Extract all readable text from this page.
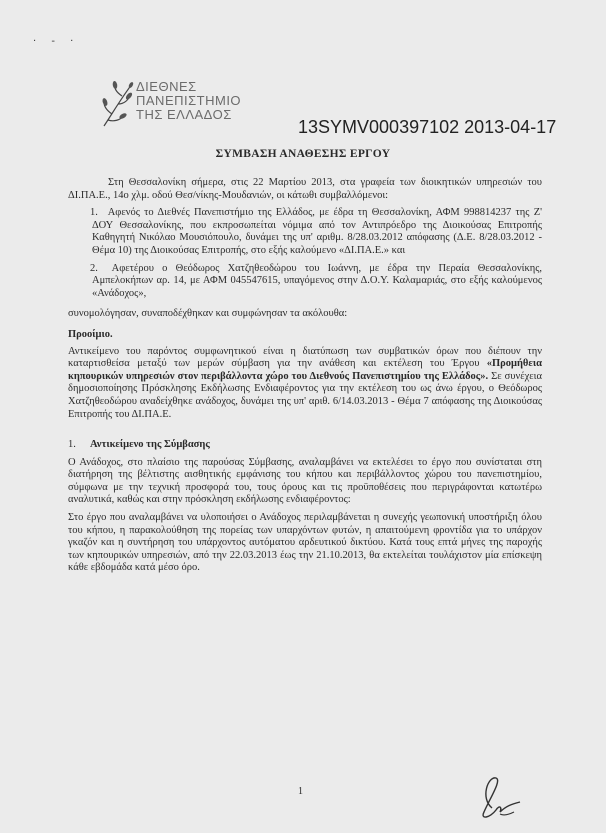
· - ·
ΔΙΕΘΝΕΣ
ΠΑΝΕΠΙΣΤΗΜΙΟ
ΤΗΣ ΕΛΛΑΔΟΣ
13SYMV000397102 2013-04-17
ΣΥΜΒΑΣΗ ΑΝΑΘΕΣΗΣ ΕΡΓΟΥ

Στη Θεσσαλονίκη σήμερα, στις 22 Μαρτίου 2013, στα γραφεία των διοικητικών υπηρεσιών του ΔΙ.ΠΑ.Ε., 14ο χλμ. οδού Θεσ/νίκης-Μουδανιών, οι κάτωθι συμβαλλόμενοι:

1. Αφενός το Διεθνές Πανεπιστήμιο της Ελλάδος, με έδρα τη Θεσσαλονίκη, ΑΦΜ 998814237 της Ζ' ΔΟΥ Θεσσαλονίκης, που εκπροσωπείται νόμιμα από τον Αντιπρόεδρο της Διοικούσας Επιτροπής Καθηγητή Νικόλαο Μουσιόπουλο, δυνάμει της υπ' αριθμ. 8/28.03.2012 απόφασης (Δ.Ε. 8/28.03.2012 - Θέμα 10) της Διοικούσας Επιτροπής, στο εξής καλούμενο «ΔΙ.ΠΑ.Ε.» και

2. Αφετέρου ο Θεόδωρος Χατζηθεοδώρου του Ιωάννη, με έδρα την Περαία Θεσσαλονίκης, Αμπελοκήπων αρ. 14, με ΑΦΜ 045547615, υπαγόμενος στην Δ.Ο.Υ. Καλαμαριάς, στο εξής καλούμενος «Ανάδοχος»,

συνομολόγησαν, συναποδέχθηκαν και συμφώνησαν τα ακόλουθα:

Προοίμιο.

Αντικείμενο του παρόντος συμφωνητικού είναι η διατύπωση των συμβατικών όρων που διέπουν την καταρτισθείσα μεταξύ των μερών σύμβαση για την ανάθεση και εκτέλεση του Έργου «Προμήθεια κηπουρικών υπηρεσιών στον περιβάλλοντα χώρο του Διεθνούς Πανεπιστημίου της Ελλάδος». Σε συνέχεια δημοσιοποίησης Πρόσκλησης Εκδήλωσης Ενδιαφέροντος για την εκτέλεση του ως άνω έργου, ο Θεόδωρος Χατζηθεοδώρου αναδείχθηκε ανάδοχος, δυνάμει της υπ' αριθ. 6/14.03.2013 - Θέμα 7 απόφασης της Διοικούσας Επιτροπής του ΔΙ.ΠΑ.Ε.

1. Αντικείμενο της Σύμβασης

Ο Ανάδοχος, στο πλαίσιο της παρούσας Σύμβασης, αναλαμβάνει να εκτελέσει το έργο που συνίσταται στη διατήρηση της βέλτιστης αισθητικής εμφάνισης του κήπου και περιβάλλοντος χώρου του πανεπιστημίου, σύμφωνα με την τεχνική προσφορά του, τους όρους και τις προϋποθέσεις που περιγράφονται κατωτέρω αναλυτικά, καθώς και στην πρόσκληση εκδήλωσης ενδιαφέροντος:

Στο έργο που αναλαμβάνει να υλοποιήσει ο Ανάδοχος περιλαμβάνεται η συνεχής γεωπονική υποστήριξη όλου του κήπου, η παρακολούθηση της πορείας των υπαρχόντων φυτών, η απαιτούμενη φροντίδα για το υπάρχον γκαζόν και η συντήρηση του υπάρχοντος αυτόματου αρδευτικού δικτύου. Κατά τους επτά μήνες της παροχής των κηπουρικών υπηρεσιών, από την 22.03.2013 έως την 21.10.2013, θα εκτελείται τουλάχιστον μία επίσκεψη κάθε εβδομάδα κατά μέσο όρο.

1
